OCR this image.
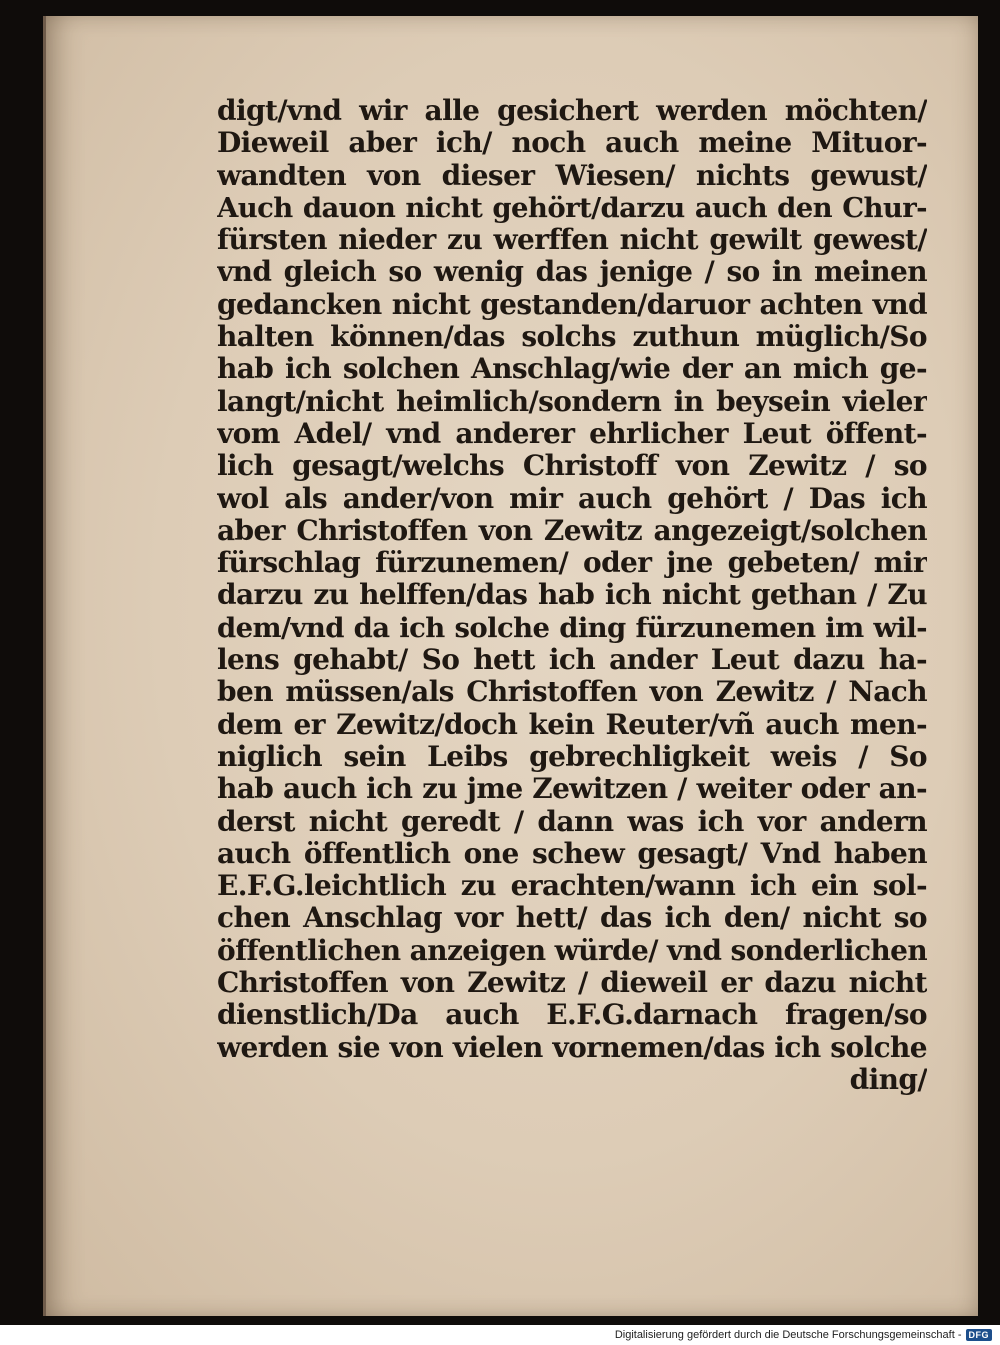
digt/vnd wir alle gesichert werden möchten/
Dieweil aber ich/ noch auch meine Mituor-
wandten von dieser Wiesen/ nichts gewust/
Auch dauon nicht gehört/darzu auch den Chur-
fürsten nieder zu werffen nicht gewilt gewest/
vnd gleich so wenig das jenige / so in meinen
gedancken nicht gestanden/daruor achten vnd
halten können/das solchs zuthun müglich/So
hab ich solchen Anschlag/wie der an mich ge-
langt/nicht heimlich/sondern in beysein vieler
vom Adel/ vnd anderer ehrlicher Leut öffent-
lich gesagt/welchs Christoff von Zewitz / so
wol als ander/von mir auch gehört / Das ich
aber Christoffen von Zewitz angezeigt/solchen
fürschlag fürzunemen/ oder jne gebeten/ mir
darzu zu helffen/das hab ich nicht gethan / Zu
dem/vnd da ich solche ding fürzunemen im wil-
lens gehabt/ So hett ich ander Leut dazu ha-
ben müssen/als Christoffen von Zewitz / Nach
dem er Zewitz/doch kein Reuter/vñ auch men-
niglich sein Leibs gebrechligkeit weis / So
hab auch ich zu jme Zewitzen / weiter oder an-
derst nicht geredt / dann was ich vor andern
auch öffentlich one schew gesagt/ Vnd haben
E.F.G.leichtlich zu erachten/wann ich ein sol-
chen Anschlag vor hett/ das ich den/ nicht so
öffentlichen anzeigen würde/ vnd sonderlichen
Christoffen von Zewitz / dieweil er dazu nicht
dienstlich/Da auch E.F.G.darnach fragen/so
werden sie von vielen vornemen/das ich solche
ding/
Digitalisierung gefördert durch die Deutsche Forschungsgemeinschaft - DFG
